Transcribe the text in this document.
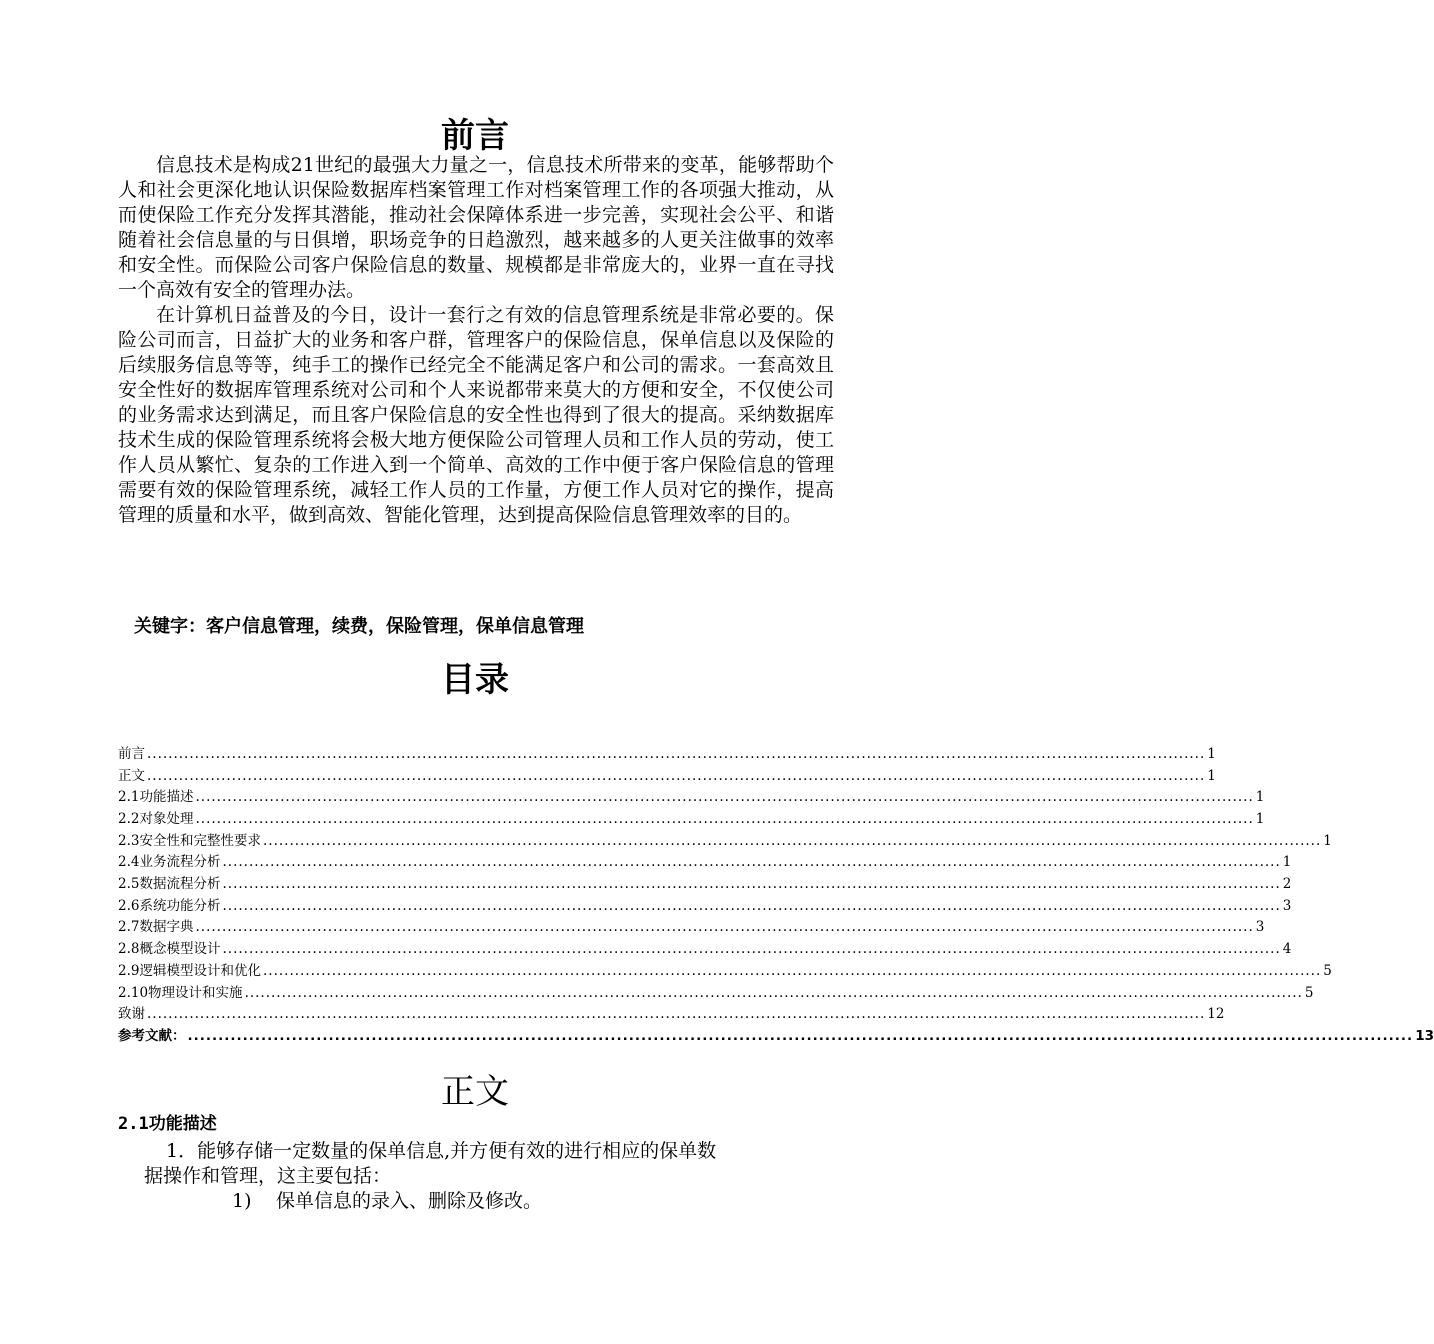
前言

信息技术是构成21世纪的最强大力量之一，信息技术所带来的变革，能够帮助个人和社会更深化地认识保险数据库档案管理工作对档案管理工作的各项强大推动，从而使保险工作充分发挥其潜能，推动社会保障体系进一步完善，实现社会公平、和谐随着社会信息量的与日俱增，职场竞争的日趋激烈，越来越多的人更关注做事的效率和安全性。而保险公司客户保险信息的数量、规模都是非常庞大的，业界一直在寻找一个高效有安全的管理办法。

在计算机日益普及的今日，设计一套行之有效的信息管理系统是非常必要的。保险公司而言，日益扩大的业务和客户群，管理客户的保险信息，保单信息以及保险的后续服务信息等等，纯手工的操作已经完全不能满足客户和公司的需求。一套高效且安全性好的数据库管理系统对公司和个人来说都带来莫大的方便和安全，不仅使公司的业务需求达到满足，而且客户保险信息的安全性也得到了很大的提高。采纳数据库技术生成的保险管理系统将会极大地方便保险公司管理人员和工作人员的劳动，使工作人员从繁忙、复杂的工作进入到一个简单、高效的工作中便于客户保险信息的管理需要有效的保险管理系统，减轻工作人员的工作量，方便工作人员对它的操作，提高管理的质量和水平，做到高效、智能化管理，达到提高保险信息管理效率的目的。

关键字：客户信息管理，续费，保险管理，保单信息管理
目录
前言 ........................................................................................................................................................................................................ 1
正文 ........................................................................................................................................................................................................ 1
2.1功能描述 ........................................................................................................................................................................................................ 1
2.2对象处理 ........................................................................................................................................................................................................ 1
2.3安全性和完整性要求 ........................................................................................................................................................................................................ 1
2.4业务流程分析 ........................................................................................................................................................................................................ 1
2.5数据流程分析 ........................................................................................................................................................................................................ 2
2.6系统功能分析 ........................................................................................................................................................................................................ 3
2.7数据字典 ........................................................................................................................................................................................................ 3
2.8概念模型设计 ........................................................................................................................................................................................................ 4
2.9逻辑模型设计和优化 ........................................................................................................................................................................................................ 5
2.10物理设计和实施 ........................................................................................................................................................................................................ 5
致谢 ........................................................................................................................................................................................................ 12
参考文献： ........................................................................................................................................................................................................ 13
正文
2.1功能描述
1．能够存储一定数量的保单信息,并方便有效的进行相应的保单数
据操作和管理，这主要包括：
1) 保单信息的录入、删除及修改。
